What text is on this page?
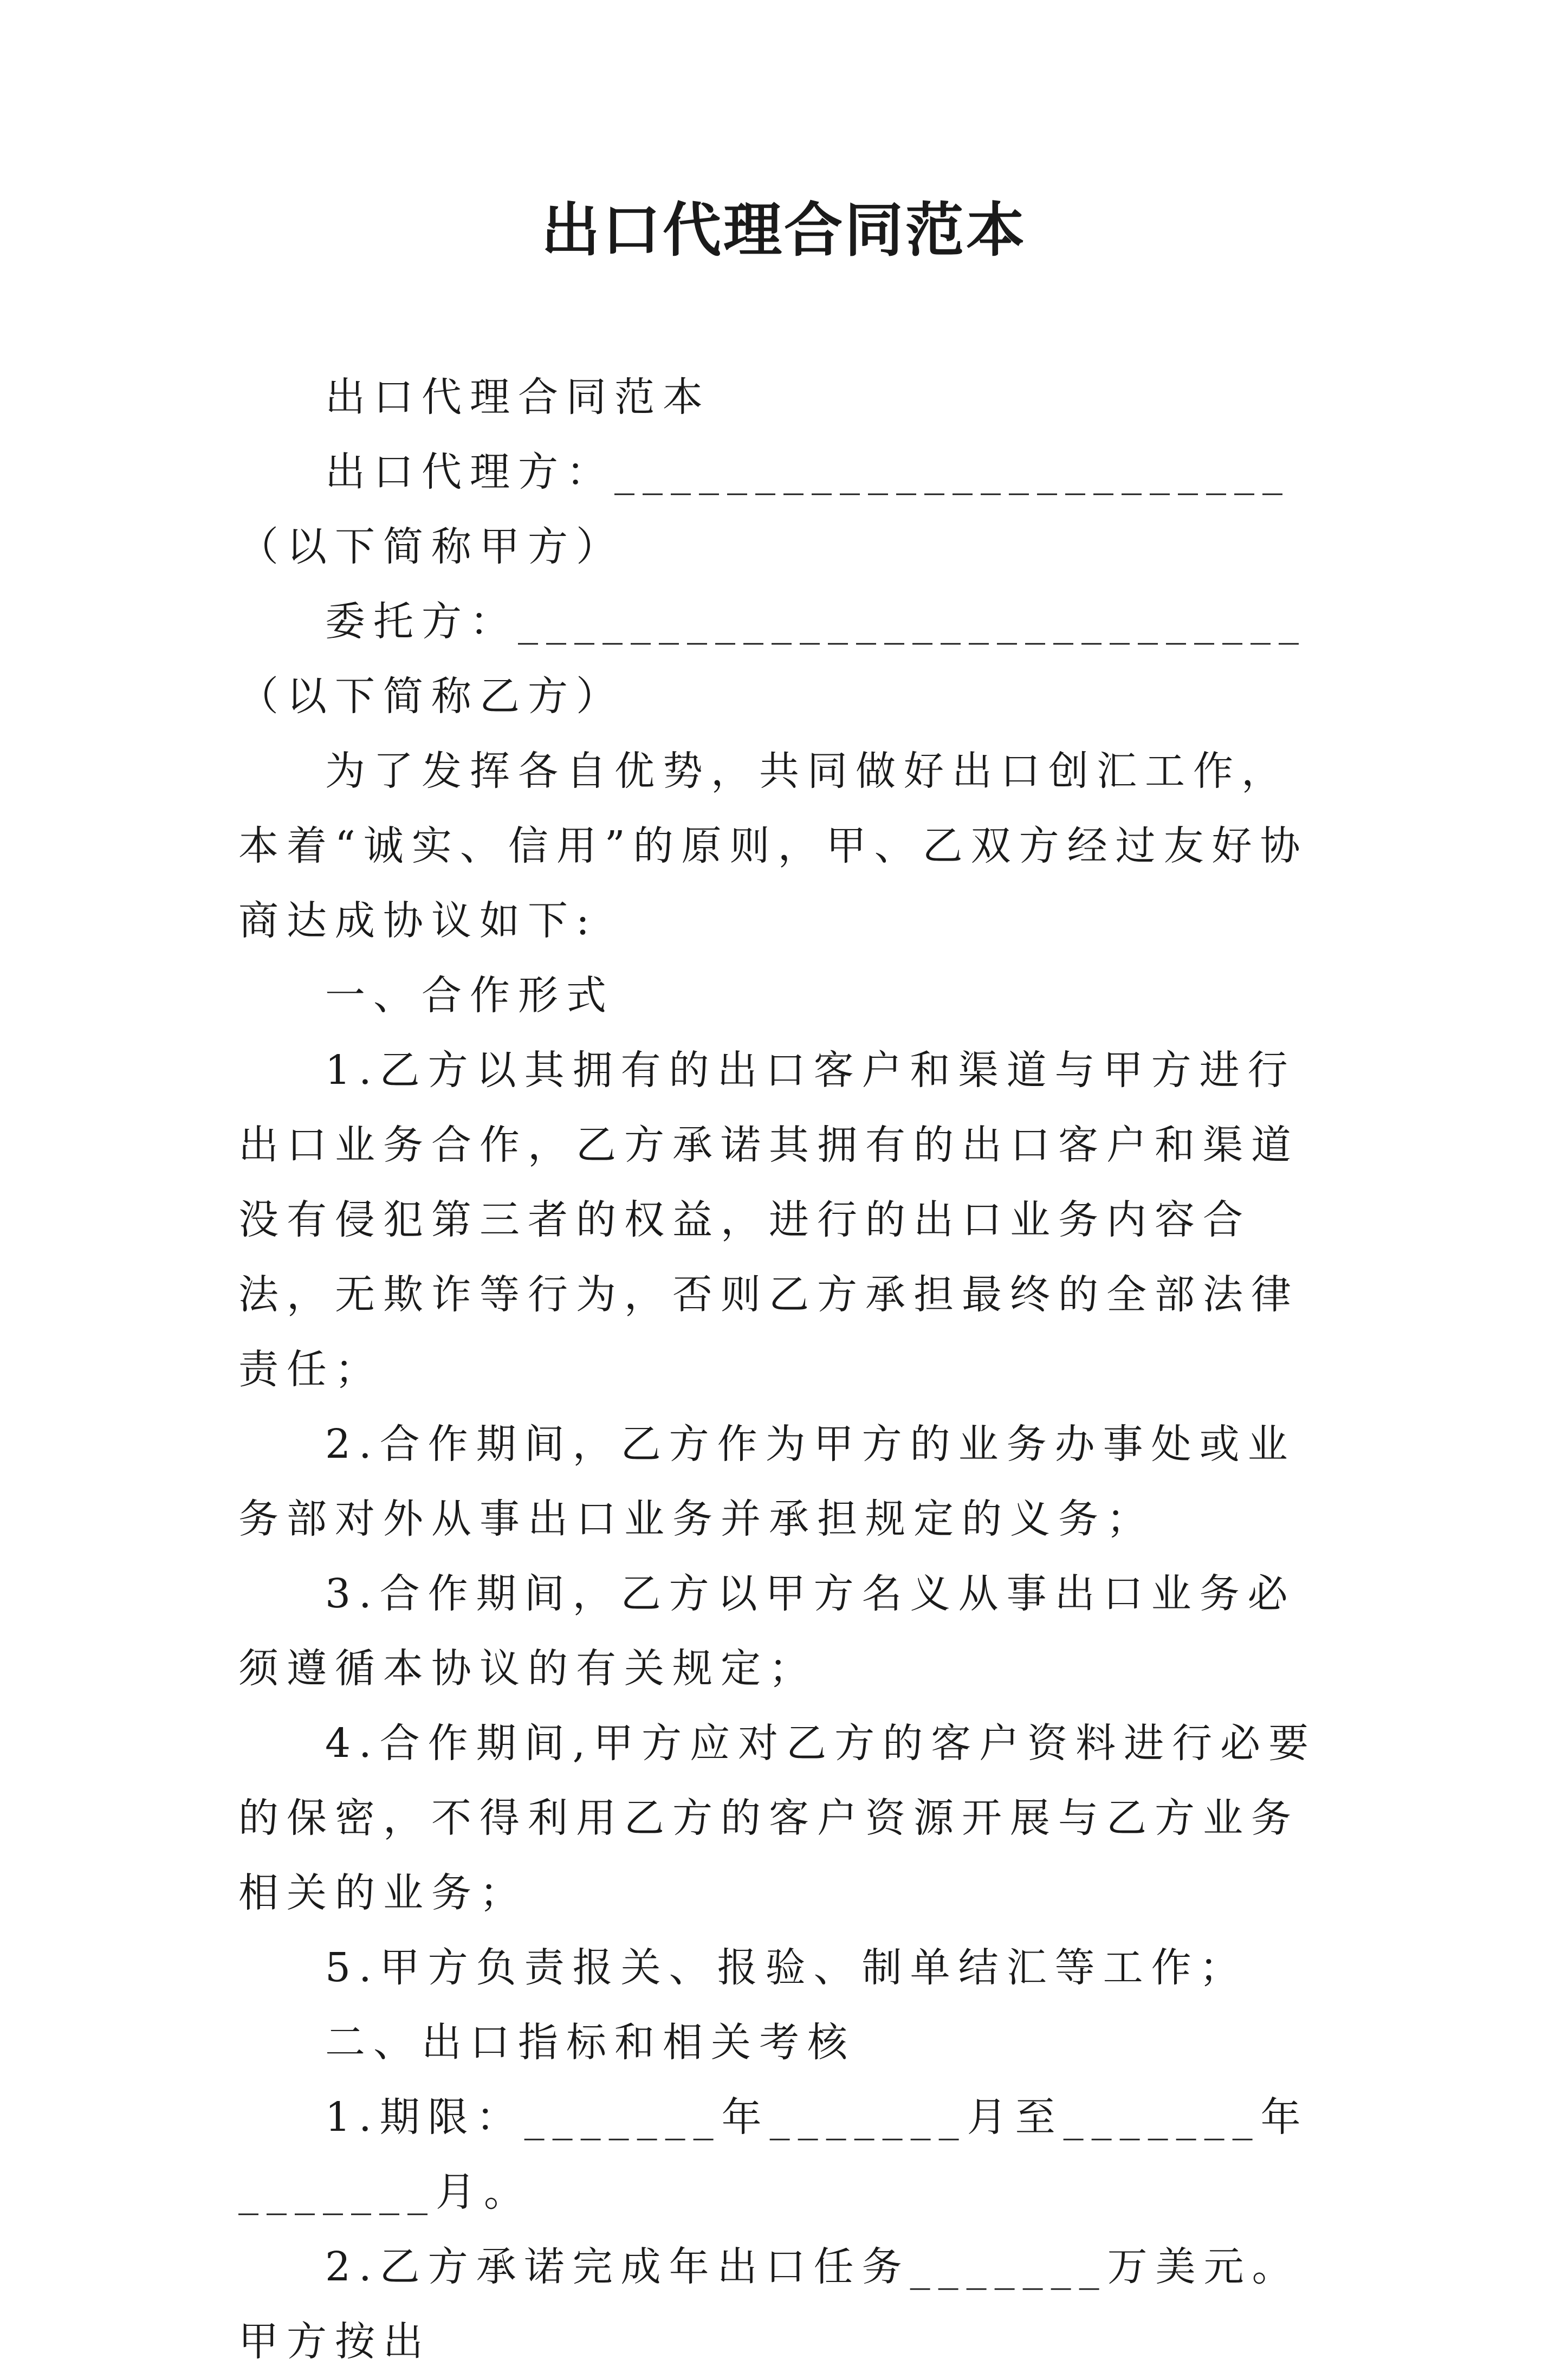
出口代理合同范本

出口代理合同范本

出口代理方：________________________（以下简称甲方）

委托方：____________________________（以下简称乙方）

为了发挥各自优势，共同做好出口创汇工作，本着“诚实、信用”的原则，甲、乙双方经过友好协商达成协议如下:

一、合作形式

1.乙方以其拥有的出口客户和渠道与甲方进行出口业务合作，乙方承诺其拥有的出口客户和渠道没有侵犯第三者的权益，进行的出口业务内容合法，无欺诈等行为，否则乙方承担最终的全部法律责任；

2.合作期间，乙方作为甲方的业务办事处或业务部对外从事出口业务并承担规定的义务；

3.合作期间，乙方以甲方名义从事出口业务必须遵循本协议的有关规定；

4.合作期间,甲方应对乙方的客户资料进行必要的保密，不得利用乙方的客户资源开展与乙方业务相关的业务；

5.甲方负责报关、报验、制单结汇等工作；

二、出口指标和相关考核

1.期限：_______年_______月至_______年_______月。

2.乙方承诺完成年出口任务_______万美元。甲方按出
